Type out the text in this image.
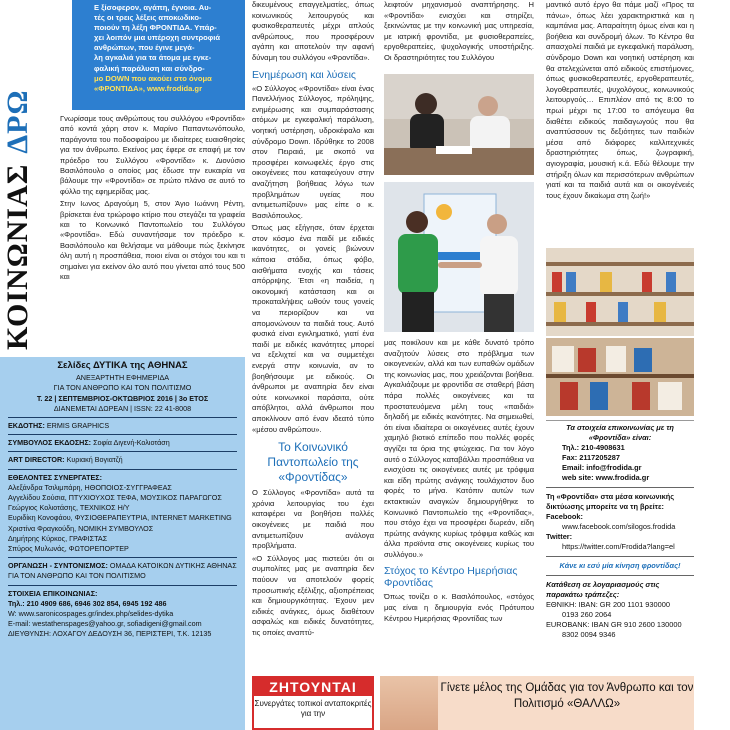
ΚΟΙΝΩΝΙΑΣ
ΔΡΩ
Ε ξίσοφερον, αγάπη, έγνοια. Αυ-
τές οι τρεις λέξεις αποκωδικο-
ποιούν τη λέξη ΦΡΟΝΤΙΔΑ. Υπάρ-
χει λοιπόν μια υπέροχη συντροφιά
ανθρώπων, που έγινε μεγά-
λη αγκαλιά για τα άτομα με εγκε-
φαλική παράλυση και σύνδρο-
μο DOWN που ακούει στο όνομα
«ΦΡΟΝΤΙΔΑ», www.frodida.gr

Γνωρίσαμε τους ανθρώπους του συλλόγου «Φροντίδα» από κοντά χάρη στον κ. Μαρίνο Παπαντωνόπουλο, παράγοντα του ποδοσφαίρου με ιδιαίτερες ευαισθησίες για τον άνθρωπο. Εκείνος μας έφερε σε επαφή με τον πρόεδρο του Συλλόγου «Φροντίδα» κ. Διονύσιο Βασιλόπουλο ο οποίος μας έδωσε την ευκαιρία να βάλουμε την «Φροντίδα» σε πρώτο πλάνο σε αυτό το φύλλο της εφημερίδας μας.

Στην Ιωνος Δραγούμη 5, στον Άγιο Ιωάννη Ρέντη, βρίσκεται ένα τριώροφο κτίριο που στεγάζει τα γραφεία και το Κοινωνικό Παντοπωλείο του Συλλόγου «Φροντίδα». Εδώ συναντήσαμε τον πρόεδρο κ. Βασιλόπουλο και θελήσαμε να μάθουμε πώς ξεκίνησε όλη αυτή η προσπάθεια, ποιοι είναι οι στόχοι του και τι σημαίνει για εκείνον όλο αυτό που γίνεται από τους 500 και

Σελίδες ΔΥΤΙΚΑ της ΑΘΗΝΑΣ
ΑΝΕΞΑΡΤΗΤΗ ΕΦΗΜΕΡΙΔΑ
ΓΙΑ ΤΟΝ ΑΝΘΡΩΠΟ ΚΑΙ ΤΟΝ ΠΟΛΙΤΙΣΜΟ
Τ. 22 | ΣΕΠΤΕΜΒΡΙΟΣ-ΟΚΤΩΒΡΙΟΣ 2016 | 3ο ΕΤΟΣ
ΔΙΑΝΕΜΕΤΑΙ ΔΩΡΕΑΝ | ISSN: 22 41-8008
ΕΚΔΟΤΗΣ: ERMIS GRAPHICS
ΣΥΜΒΟΥΛΟΣ ΕΚΔΟΣΗΣ: Σοφία Διγενή-Κολιοτάση
ART DIRECTOR: Κυριακή Βογιατζή
ΕΘΕΛΟΝΤΕΣ ΣΥΝΕΡΓΑΤΕΣ:
Αλεξάνδρα Τσιλιμπάρη, ΗΘΟΠΟΙΟΣ-ΣΥΓΓΡΑΦΕΑΣ
Αγγελίδου Σούσια, ΠΤΥΧΙΟΥΧΟΣ ΤΕΦΑ, ΜΟΥΣΙΚΟΣ ΠΑΡΑΓΩΓΟΣ
Γεώργιος Κολιοτάσης, ΤΕΧΝΙΚΟΣ Η/Υ
Ευριδίκη Κονοφάου, ΦΥΣΙΟΘΕΡΑΠΕΥΤΡΙΑ, INTERNET MARKETING
Χριστίνα Φραγκούδη, ΝΟΜΙΚΗ ΣΥΜΒΟΥΛΟΣ
Δημήτρης Κύρκος, ΓΡΑΦΙΣΤΑΣ
Σπύρος Μυλωνάς, ΦΩΤΟΡΕΠΟΡΤΕΡ
ΟΡΓΑΝΩΣΗ - ΣΥΝΤΟΝΙΣΜΟΣ: ΟΜΑΔΑ ΚΑΤΟΙΚΩΝ ΔΥΤΙΚΗΣ ΑΘΗΝΑΣ ΓΙΑ ΤΟΝ ΑΝΘΡΩΠΟ ΚΑΙ ΤΟΝ ΠΟΛΙΤΙΣΜΟ
ΣΤΟΙΧΕΙΑ ΕΠΙΚΟΙΝΩΝΙΑΣ:
Τηλ.: 210 4909 686, 6946 302 854, 6945 192 486
W: www.saronicospages.gr/index.php/selides-dytika
E-mail: westathenspages@yahoo.gr, sofiadigeni@gmail.com
ΔΙΕΥΘΥΝΣΗ: ΛΟΧΑΓΟΥ ΔΕΔΟΥΣΗ 36, ΠΕΡΙΣΤΕΡΙ, Τ.Κ. 12135

δικευμένους επαγγελματίες, όπως κοινωνικούς λειτουργούς και φυσικοθεραπευτές μέχρι απλούς ανθρώπους, που προσφέρουν αγάπη και αποτελούν την αφανή δύναμη του συλλόγου «Φροντίδα».

Ενημέρωση και λύσεις

«Ο Σύλλογος «Φροντίδα» είναι ένας Πανελλήνιος Σύλλογος, πρόληψης, ενημέρωσης και συμπαράστασης ατόμων με εγκεφαλική παράλυση, νοητική υστέρηση, υδροκέφαλο και σύνδρομο Down. Ιδρύθηκε το 2008 στον Πειραιά, με σκοπό να προσφέρει κοινωφελές έργο στις οικογένειες που καταφεύγουν στην αναζήτηση βοήθειας λόγω των προβλημάτων υγείας που αντιμετωπίζουν» μας είπε ο κ. Βασιλόπουλος.

Όπως μας εξήγησε, όταν έρχεται στον κόσμο ένα παιδί με ειδικές ικανότητες, οι γονείς βιώνουν κάποια στάδια, όπως φόβο, αισθήματα ενοχής και τάσεις απόρριψης. Έτσι «η παιδεία, η οικονομική κατάσταση και οι προκαταλήψεις ωθούν τους γονείς να περιορίζουν και να απομονώνουν τα παιδιά τους. Αυτό φυσικά είναι εγκληματικό, γιατί ένα παιδί με ειδικές ικανότητες μπορεί να εξελιχτεί και να συμμετέχει ενεργά στην κοινωνία, αν το βοηθήσουμε με ειδικούς. Οι άνθρωποι με αναπηρία δεν είναι ούτε κοινωνικοί παράσιτα, ούτε απόβλητοι, αλλά άνθρωποι που αποκλίνουν από έναν ιδεατό τύπο «μέσου ανθρώπου».

Το Κοινωνικό Παντοπωλείο της «Φροντίδας»

Ο Σύλλογος «Φροντίδα» αυτά τα χρόνια λειτουργίας του έχει καταφέρει να βοηθήσει πολλές οικογένειες με παιδιά που αντιμετωπίζουν ανάλογα προβλήματα.

«Ο Σύλλογος μας πιστεύει ότι οι συμπολίτες μας με αναπηρία δεν παύουν να αποτελούν φορείς προσωπικής εξέλιξης, αξιοπρέπειας και δημιουργικότητας. Έχουν μεν ειδικές ανάγκες, όμως διαθέτουν ασφαλώς και ειδικές δυνατότητες, τις οποίες αναπτύ-

λειφτούν μηχανισμού αναπτήρησης. Η «Φροντίδα» ενισχύει και στηρίζει, ξεκινώντας με την κοινωνική μας υπηρεσία, με ιατρική φροντίδα, με φυσιοθεραπείες, εργοθεραπείες, ψυχολογικής υποστήριξης. Οι δραστηριότητες του Συλλόγου

μας ποικίλουν και με κάθε δυνατό τρόπο αναζητούν λύσεις στο πρόβλημα των οικογενειών, αλλά και των ευπαθών ομάδων της κοινωνίας μας, που χρειάζονται βοήθεια. Αγκαλιάζουμε με φροντίδα σε σταθερή βάση πάρα πολλές οικογένειες και τα προστατευόμενα μέλη τους «παιδιά» δηλαδή με ειδικές ικανότητες. Να σημειωθεί, ότι είναι ιδιαίτερα οι οικογένειες αυτές έχουν χαμηλό βιοτικό επίπεδο που πολλές φορές αγγίζει τα όρια της φτώχειας. Για τον λόγο αυτό ο Σύλλογος καταβάλλει προσπάθεια να ενισχύσει τις οικογένειες αυτές με τρόφιμα και είδη πρώτης ανάγκης τουλάχιστον δυο φορές το μήνα. Κατόπιν αυτών των εκτακτικών αναγκών δημιουργήθηκε το Κοινωνικό Παντοπωλείο της «Φροντίδας», που στόχο έχει να προσφέρει δωρεάν, είδη πρώτης ανάγκης κυρίως τρόφιμα καθώς και άλλα προϊόντα στις οικογένειες κυρίως του συλλόγου.»

Στόχος το Κέντρο Ημερήσιας Φροντίδας

Όπως τονίζει ο κ. Βασιλόπουλος, «στόχος μας είναι η δημιουργία ενός Πρότυπου Κέντρου Ημερήσιας Φροντίδας των

μαντικό αυτό έργο θα πάμε μαζί «Προς τα πάνω», όπως λέει χαρακτηριστικά και η καμπάνια μας. Απαραίτητη όμως είναι και η βοήθεια και συνδρομή όλων. Το Κέντρο θα απασχολεί παιδιά με εγκεφαλική παράλυση, σύνδρομο Down και νοητική υστέρηση και θα στελεχώνεται από ειδικούς επιστήμονες, όπως φυσικοθεραπευτές, εργοθεραπευτές, λογοθεραπευτές, ψυχολόγους, κοινωνικούς λειτουργούς… Επιπλέον από τις 8:00 το πρωί μέχρι τις 17:00 το απόγευμα θα διαθέτει ειδικούς παιδαγωγούς που θα αναπτύσσουν τις δεξιότητες των παιδιών μέσα από διάφορες καλλιτεχνικές δραστηριότητες όπως, ζωγραφική, αγιογραφία, μουσική κ.ά. Εδώ θέλουμε την στήριξη όλων και περισσότερων ανθρώπων γιατί και τα παιδιά αυτά και οι οικογένειές τους έχουν δικαίωμα στη ζωή!»

Τα στοιχεία επικοινωνίας με τη «Φροντίδα» είναι:
Τηλ.: 210-4908631
Fax: 2117205287
Email: info@frodida.gr
web site: www.frodida.gr
Τη «Φροντίδα» στα μέσα κοινωνικής δικτύωσης μπορείτε να τη βρείτε:
Facebook:
www.facebook.com/silogos.frodida
Twitter:
https://twitter.com/Frodida?lang=el
Κάνε κι εσύ μία κίνηση φροντίδας!
Κατάθεση σε λογαριασμούς στις παρακάτω τράπεζες:
ΕΘΝΙΚΗ: IBAN: GR 200 1101 930000
0193 260 2064
EUROBANK: IBAN GR 910 2600 130000
8302 0094 9346
ΖΗΤΟΥΝΤΑΙ
Συνεργάτες τοπικοί ανταποκριτές για την
Γίνετε μέλος της Ομάδας για τον Άνθρωπο και τον Πολιτισμό «ΘΑΛΛΩ»
